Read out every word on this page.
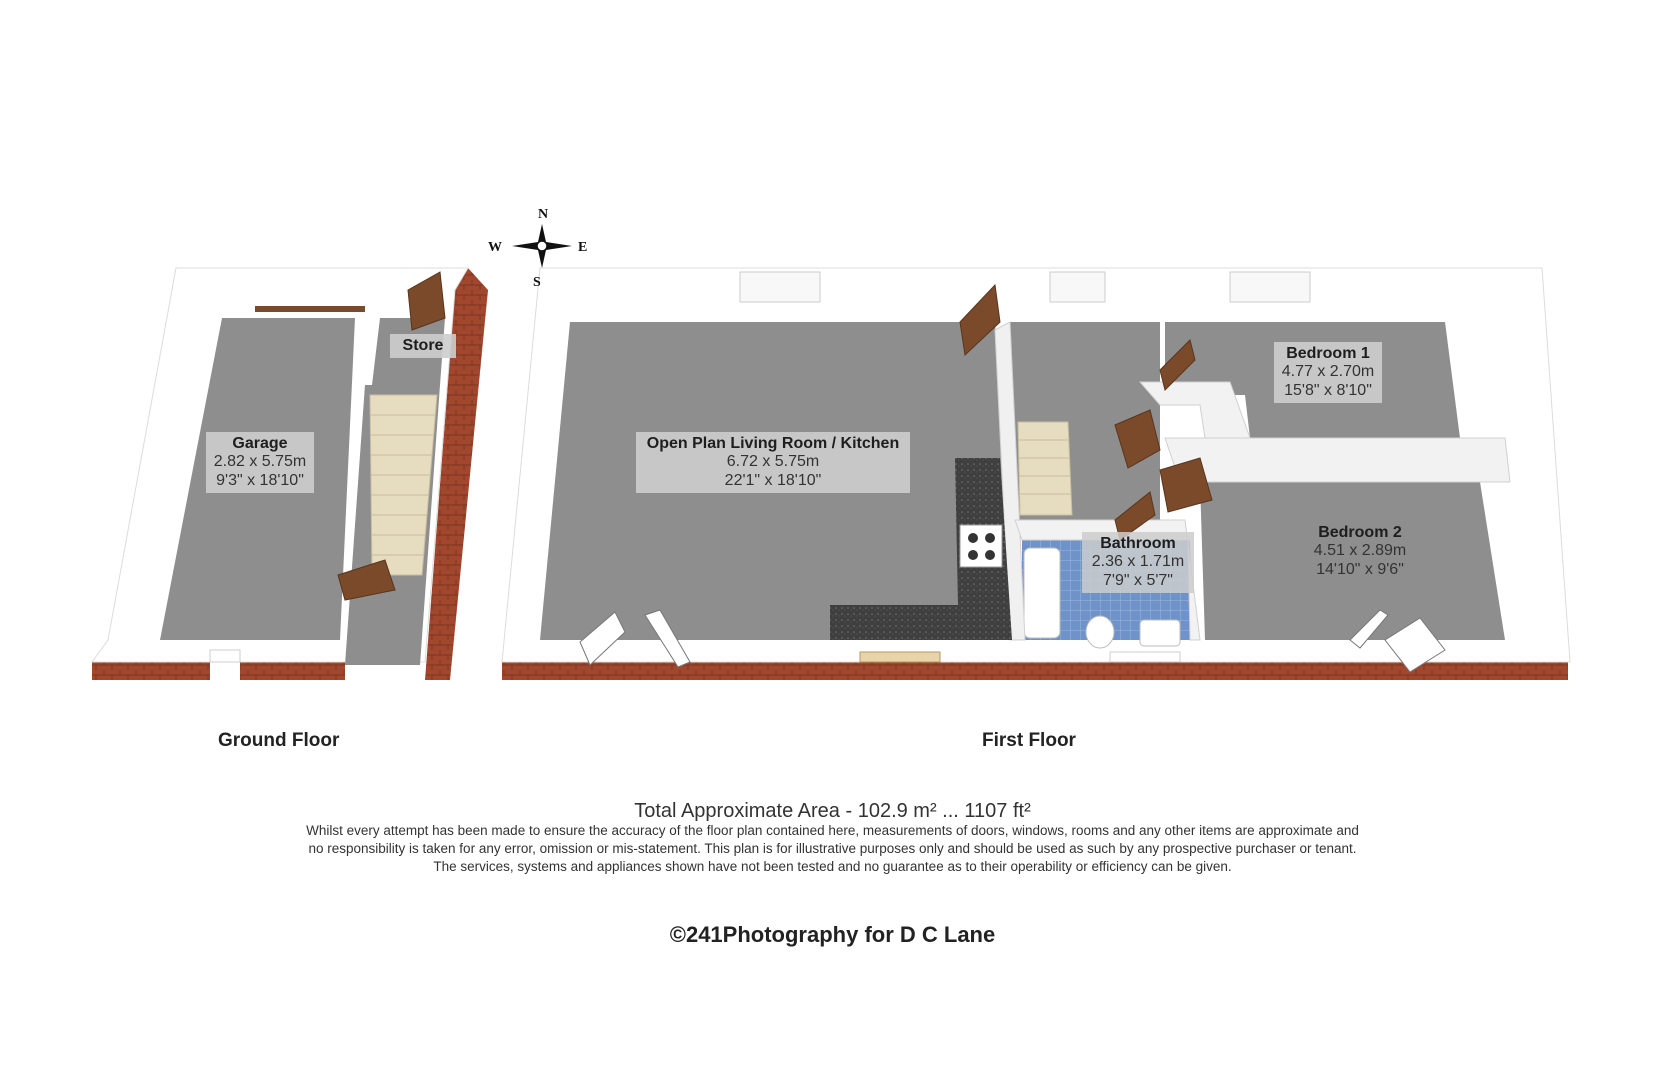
N
S
E
W
Garage
2.82 x 5.75m
9'3" x 18'10"
Store
Open Plan Living Room / Kitchen
6.72 x 5.75m
22'1" x 18'10"
Bedroom 1
4.77 x 2.70m
15'8" x 8'10"
Bedroom 2
4.51 x 2.89m
14'10" x 9'6"
Bathroom
2.36 x 1.71m
7'9" x 5'7"
Ground Floor	First Floor
Total Approximate Area - 102.9 m² ... 1107 ft²
Whilst every attempt has been made to ensure the accuracy of the floor plan contained here, measurements of doors, windows, rooms and any other items are approximate and
no responsibility is taken for any error, omission or mis-statement. This plan is for illustrative purposes only and should be used as such by any prospective purchaser or tenant.
The services, systems and appliances shown have not been tested and no guarantee as to their operability or efficiency can be given.
©241Photography for D C Lane
